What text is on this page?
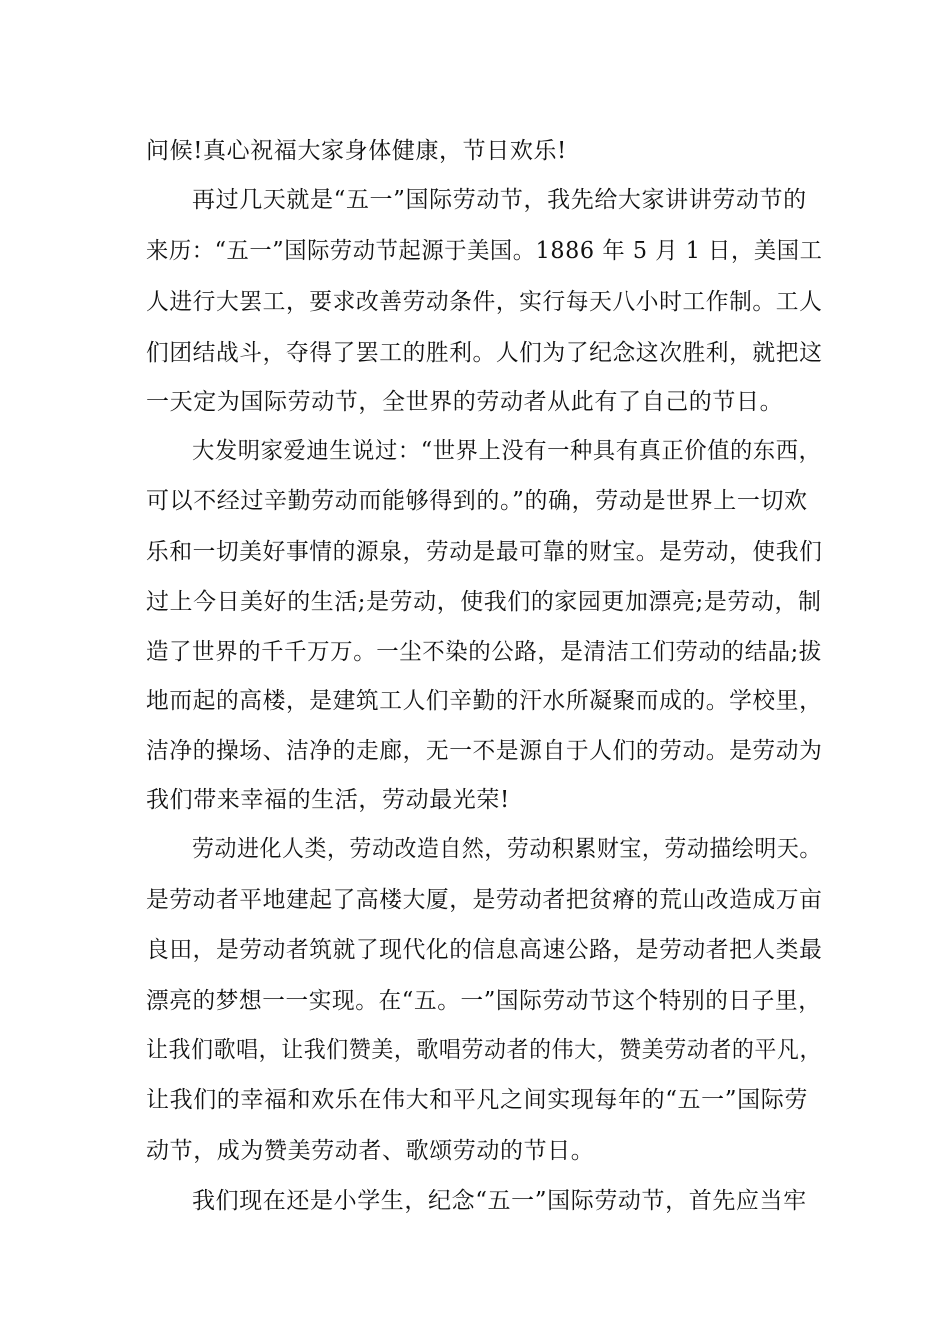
问候!真心祝福大家身体健康，节日欢乐!
再过几天就是“五一”国际劳动节，我先给大家讲讲劳动节的
来历：“五一”国际劳动节起源于美国。1886 年 5 月 1 日，美国工
人进行大罢工，要求改善劳动条件，实行每天八小时工作制。工人
们团结战斗，夺得了罢工的胜利。人们为了纪念这次胜利，就把这
一天定为国际劳动节，全世界的劳动者从此有了自己的节日。
大发明家爱迪生说过：“世界上没有一种具有真正价值的东西，
可以不经过辛勤劳动而能够得到的。”的确，劳动是世界上一切欢
乐和一切美好事情的源泉，劳动是最可靠的财宝。是劳动，使我们
过上今日美好的生活;是劳动，使我们的家园更加漂亮;是劳动，制
造了世界的千千万万。一尘不染的公路，是清洁工们劳动的结晶;拔
地而起的高楼，是建筑工人们辛勤的汗水所凝聚而成的。学校里，
洁净的操场、洁净的走廊，无一不是源自于人们的劳动。是劳动为
我们带来幸福的生活，劳动最光荣!
劳动进化人类，劳动改造自然，劳动积累财宝，劳动描绘明天。
是劳动者平地建起了高楼大厦，是劳动者把贫瘠的荒山改造成万亩
良田，是劳动者筑就了现代化的信息高速公路，是劳动者把人类最
漂亮的梦想一一实现。在“五。一”国际劳动节这个特别的日子里，
让我们歌唱，让我们赞美，歌唱劳动者的伟大，赞美劳动者的平凡，
让我们的幸福和欢乐在伟大和平凡之间实现每年的“五一”国际劳
动节，成为赞美劳动者、歌颂劳动的节日。
我们现在还是小学生，纪念“五一”国际劳动节，首先应当牢
